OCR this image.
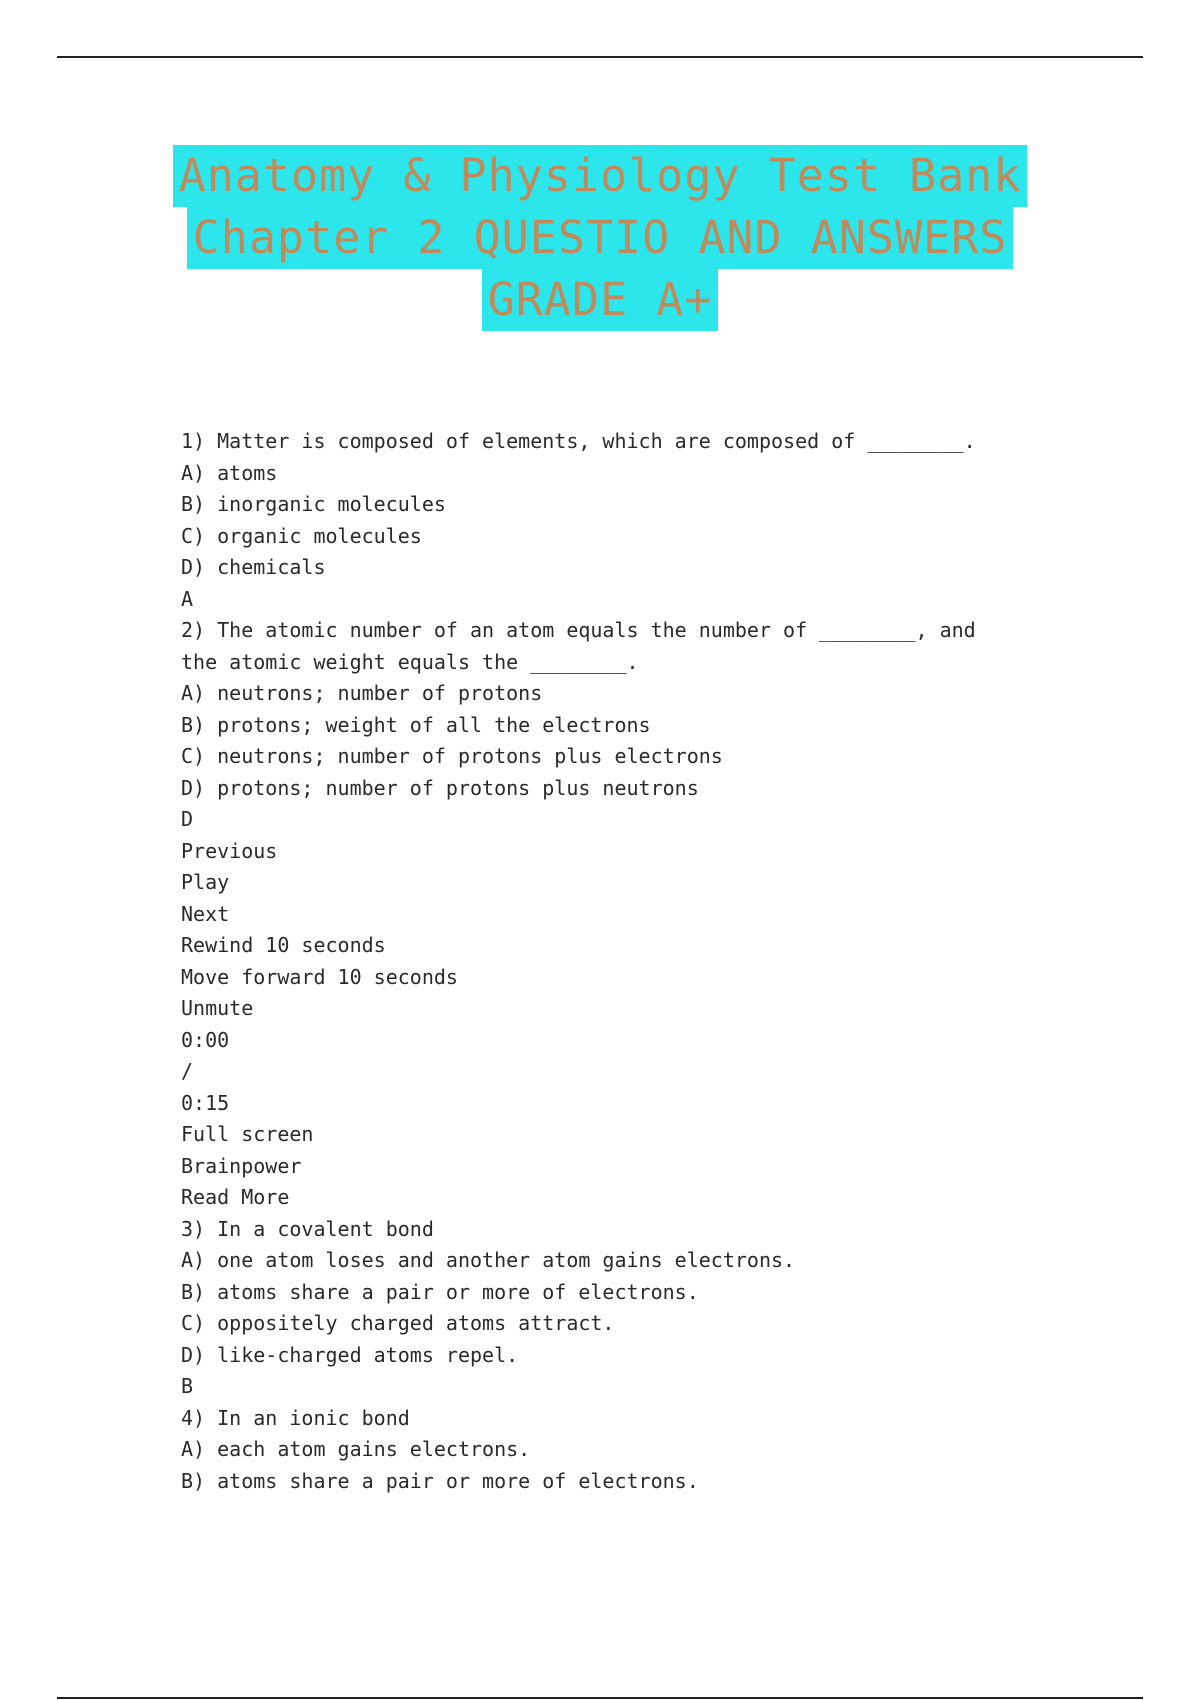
Anatomy & Physiology Test Bank
Chapter 2 QUESTIO AND ANSWERS
GRADE A+
1) Matter is composed of elements, which are composed of ________.
A) atoms
B) inorganic molecules
C) organic molecules
D) chemicals
A
2) The atomic number of an atom equals the number of ________, and
the atomic weight equals the ________.
A) neutrons; number of protons
B) protons; weight of all the electrons
C) neutrons; number of protons plus electrons
D) protons; number of protons plus neutrons
D
Previous
Play
Next
Rewind 10 seconds
Move forward 10 seconds
Unmute
0:00
/
0:15
Full screen
Brainpower
Read More
3) In a covalent bond
A) one atom loses and another atom gains electrons.
B) atoms share a pair or more of electrons.
C) oppositely charged atoms attract.
D) like-charged atoms repel.
B
4) In an ionic bond
A) each atom gains electrons.
B) atoms share a pair or more of electrons.
